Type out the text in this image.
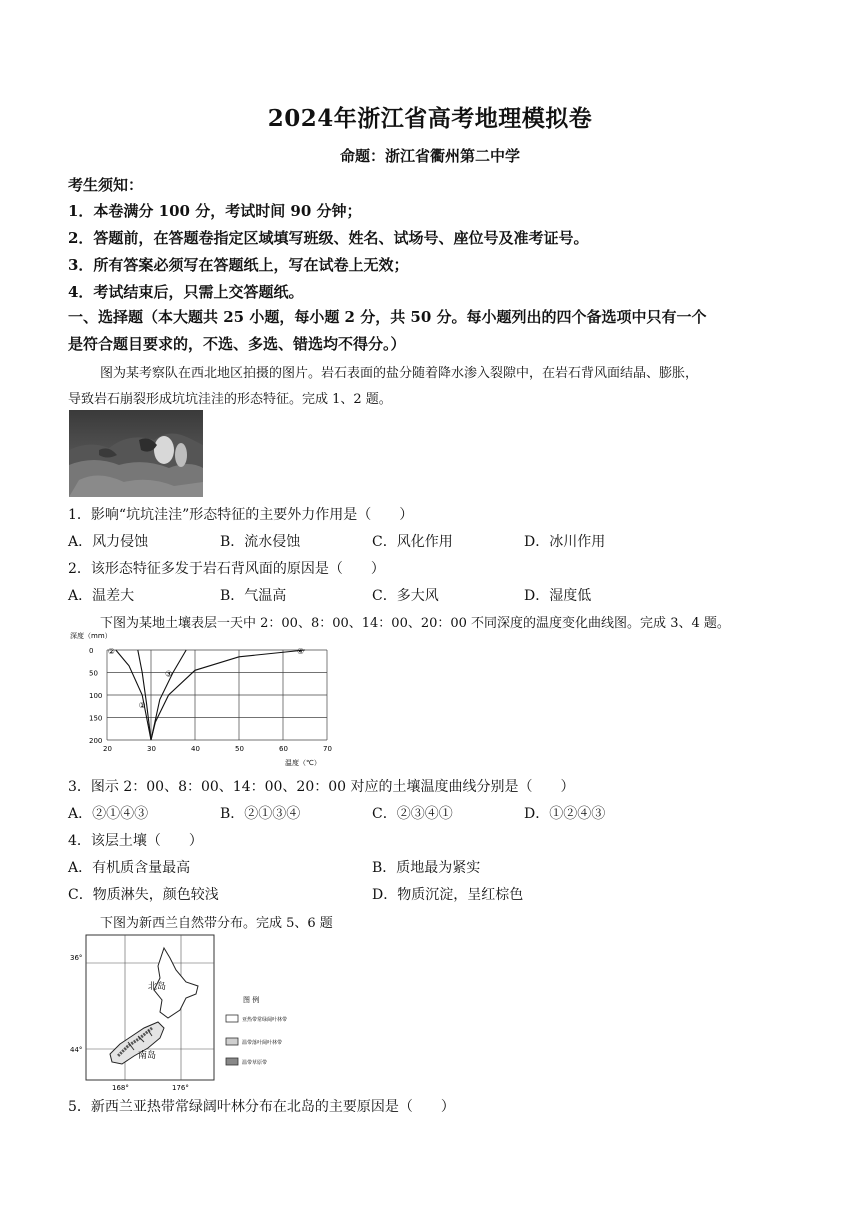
2024年浙江省高考地理模拟卷
命题：浙江省衢州第二中学
考生须知：
1．本卷满分 100 分，考试时间 90 分钟；
2．答题前，在答题卷指定区域填写班级、姓名、试场号、座位号及准考证号。
3．所有答案必须写在答题纸上，写在试卷上无效；
4．考试结束后，只需上交答题纸。
一、选择题（本大题共 25 小题，每小题 2 分，共 50 分。每小题列出的四个备选项中只有一个
是符合题目要求的，不选、多选、错选均不得分。）
图为某考察队在西北地区拍摄的图片。岩石表面的盐分随着降水渗入裂隙中，在岩石背风面结晶、膨胀，
导致岩石崩裂形成坑坑洼洼的形态特征。完成 1、2 题。
1．影响“坑坑洼洼”形态特征的主要外力作用是（　　）
A．风力侵蚀	B．流水侵蚀	C．风化作用	D．冰川作用
2．该形态特征多发于岩石背风面的原因是（　　）
A．温差大	B．气温高	C．多大风	D．湿度低
下图为某地土壤表层一天中 2：00、8：00、14：00、20：00 不同深度的温度变化曲线图。完成 3、4 题。
20	30	40	50	60	70
0
50
100
150
200
①
②
③
④
深度（mm）
温度（℃）
3．图示 2：00、8：00、14：00、20：00 对应的土壤温度曲线分别是（　　）
A．②①④③	B．②①③④	C．②③④①	D．①②④③
4．该层土壤（　　）
A．有机质含量最高	B．质地最为紧实
C．物质淋失，颜色较浅	D．物质沉淀，呈红棕色
下图为新西兰自然带分布。完成 5、6 题
北岛
南岛
36°
44°
168°	176°
图 例
亚热带常绿阔叶林带
温带落叶阔叶林带
温带草原带
5．新西兰亚热带常绿阔叶林分布在北岛的主要原因是（　　）
